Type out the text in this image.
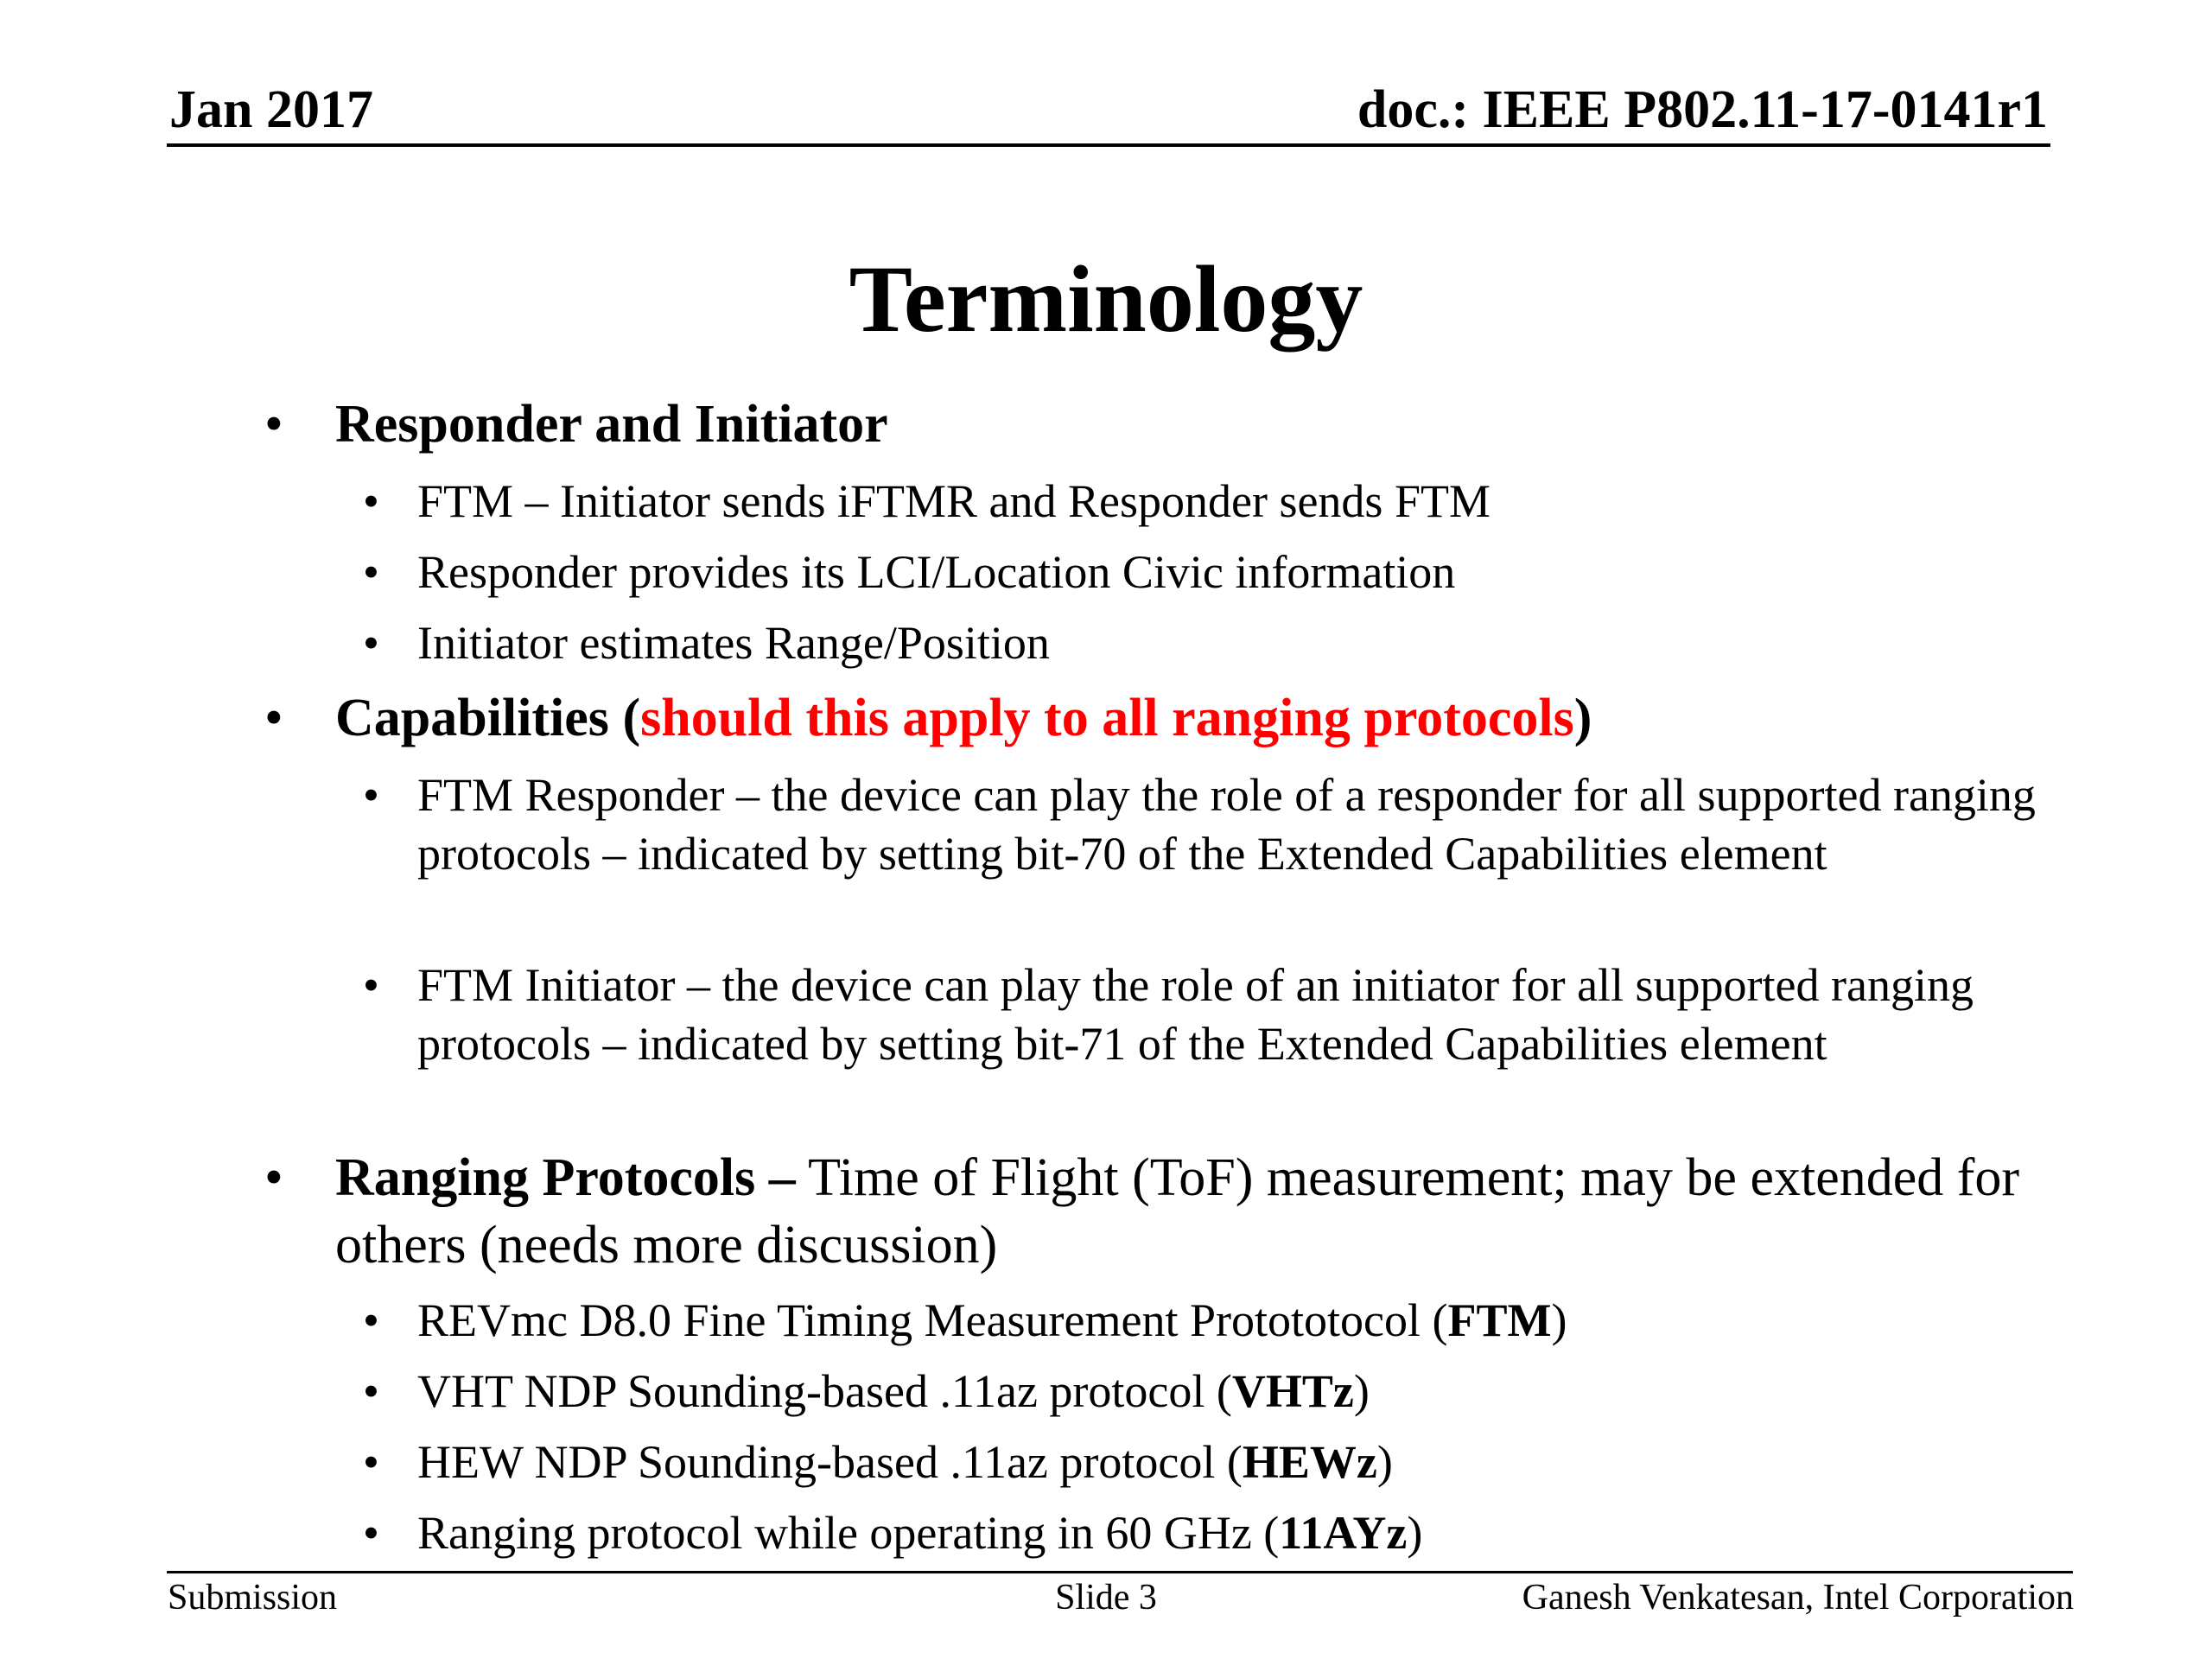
Jan 2017	doc.: IEEE P802.11-17-0141r1
Terminology
• Responder and Initiator
• FTM – Initiator sends iFTMR and Responder sends FTM
• Responder provides its LCI/Location Civic information
• Initiator estimates Range/Position
• Capabilities (should this apply to all ranging protocols)
• FTM Responder – the device can play the role of a responder for all supported ranging protocols – indicated by setting bit-70 of the Extended Capabilities element
• FTM Initiator – the device can play the role of an initiator for all supported ranging protocols – indicated by setting bit-71 of the Extended Capabilities element
• Ranging Protocols – Time of Flight (ToF) measurement; may be extended for others (needs more discussion)
• REVmc D8.0 Fine Timing Measurement Protototocol (FTM)
• VHT NDP Sounding-based .11az protocol (VHTz)
• HEW NDP Sounding-based .11az protocol (HEWz)
• Ranging protocol while operating in 60 GHz (11AYz)
Submission	Slide 3	Ganesh Venkatesan, Intel Corporation
